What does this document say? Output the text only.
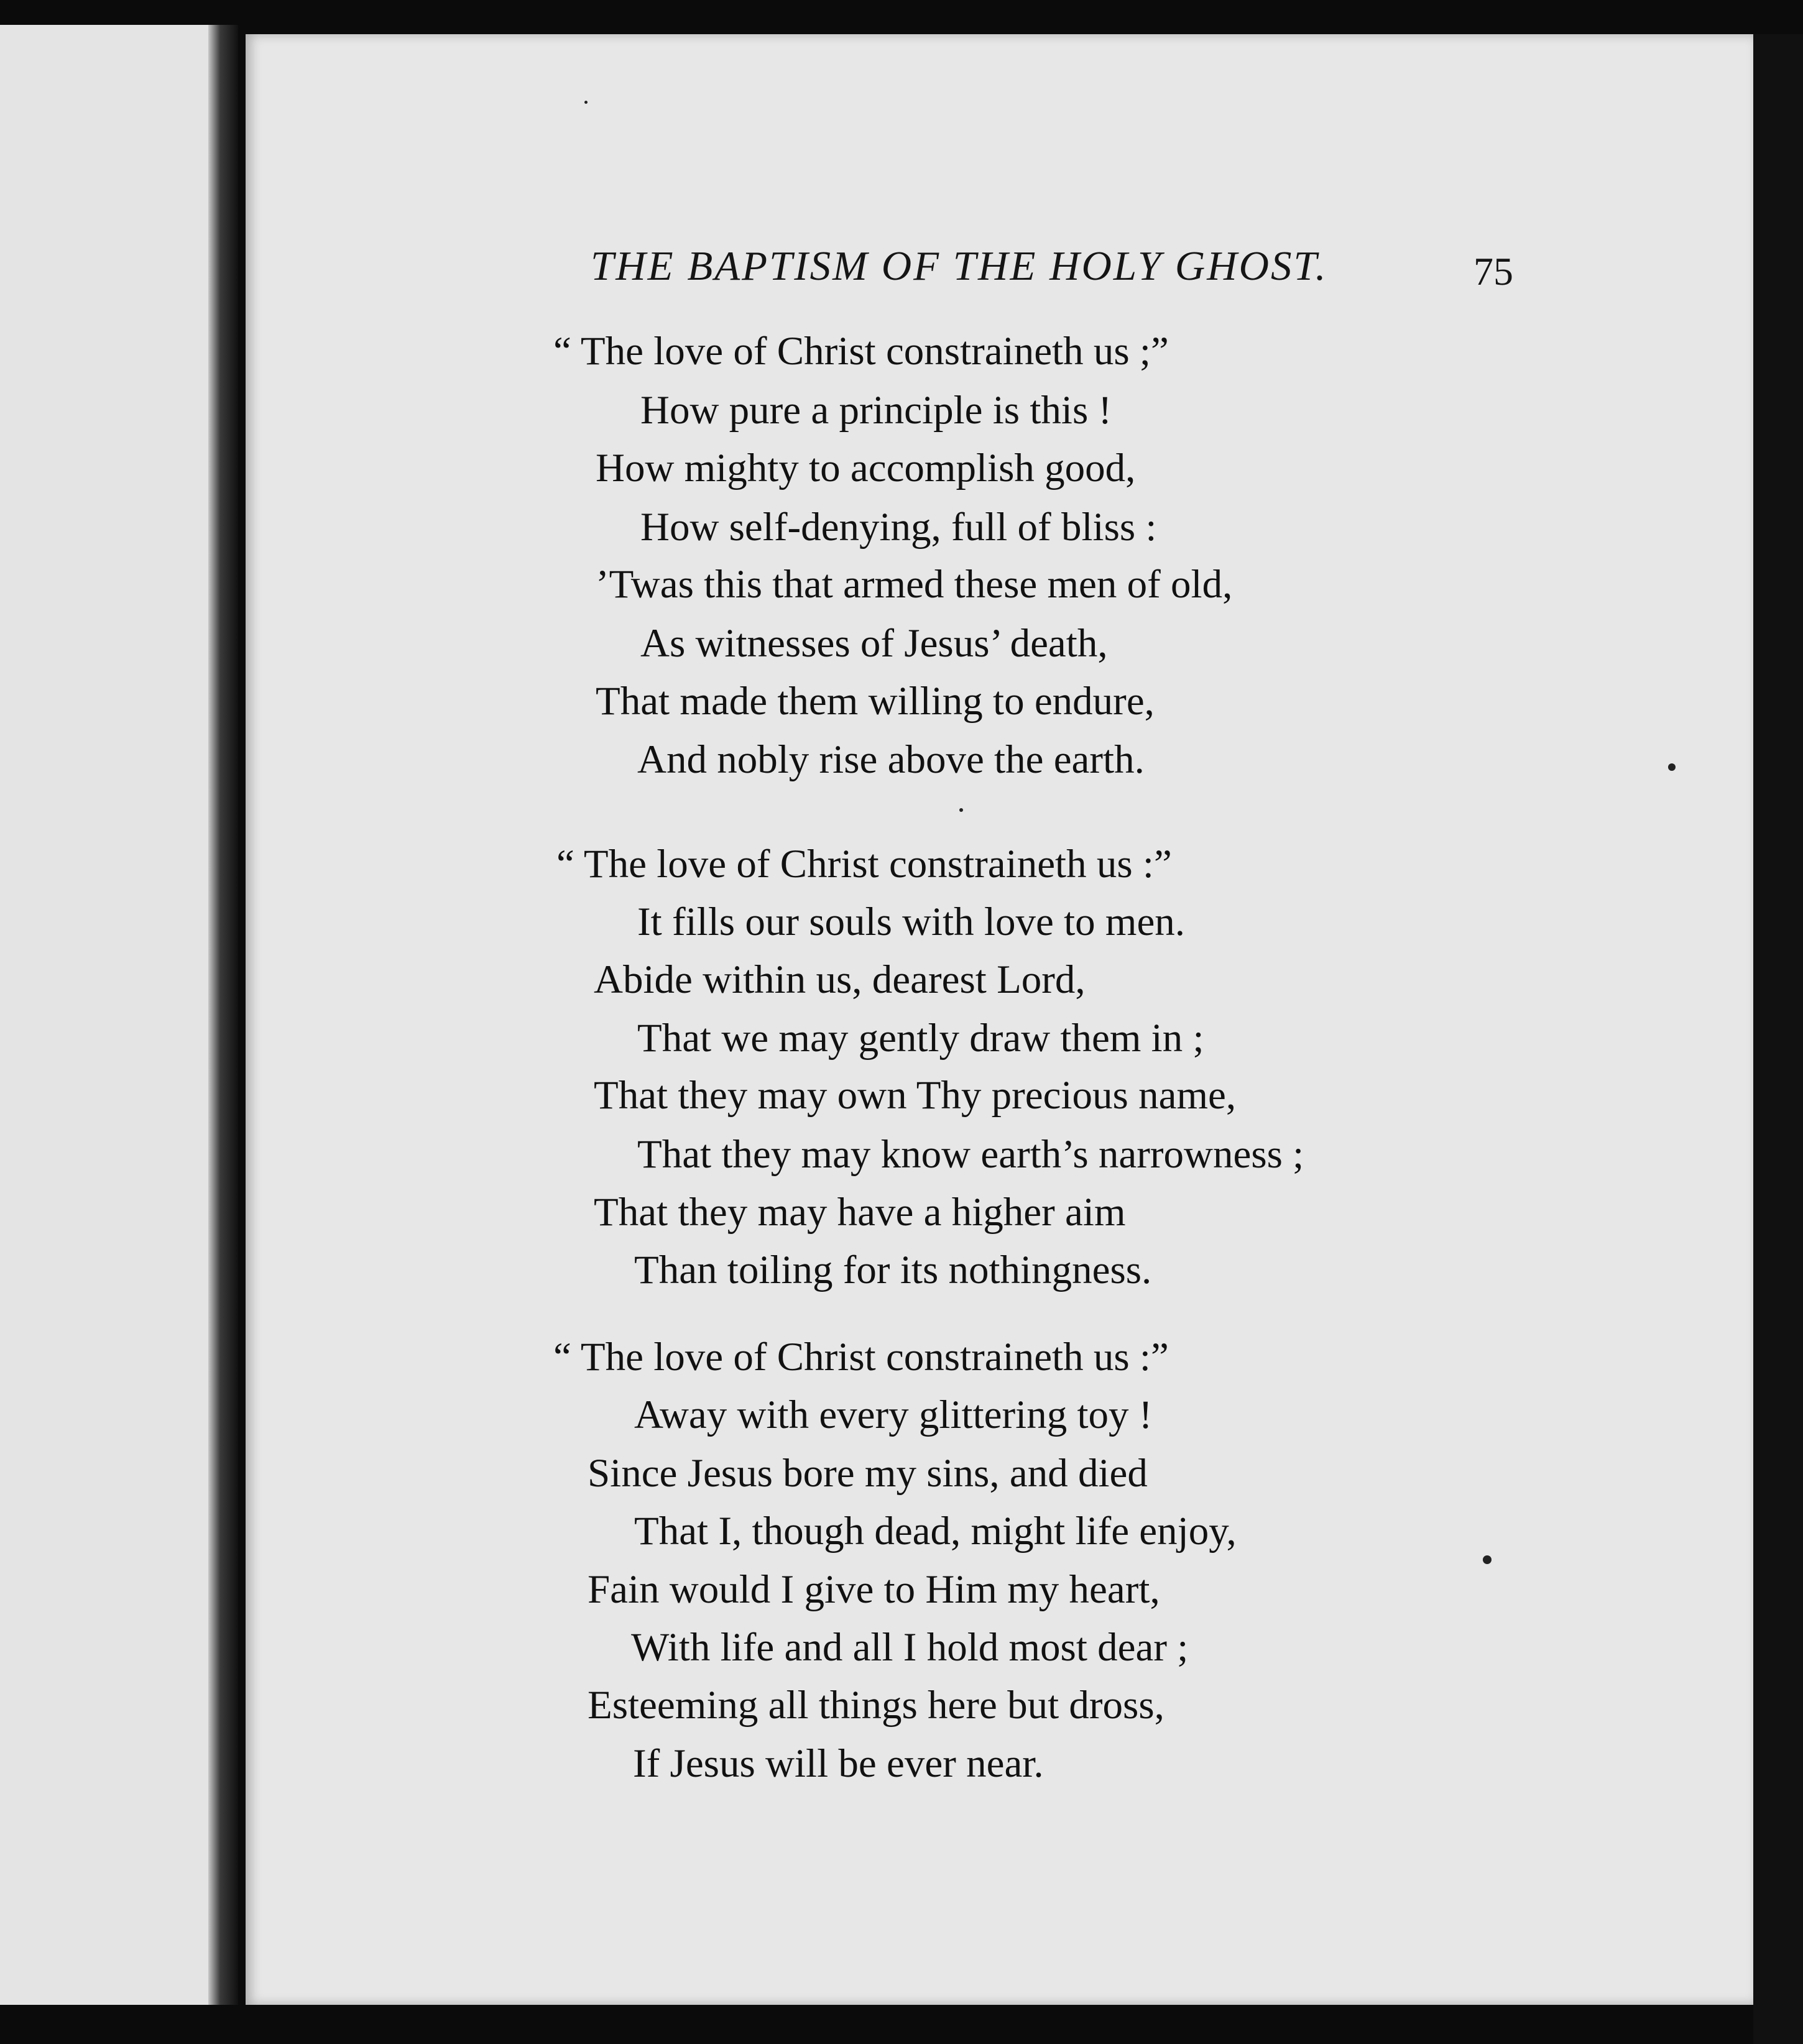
THE BAPTISM OF THE HOLY GHOST.	75
“ The love of Christ constraineth us ;”
How pure a principle is this !
How mighty to accomplish good,
How self-denying, full of bliss :
’Twas this that armed these men of old,
As witnesses of Jesus’ death,
That made them willing to endure,
And nobly rise above the earth.
“ The love of Christ constraineth us :”
It fills our souls with love to men.
Abide within us, dearest Lord,
That we may gently draw them in ;
That they may own Thy precious name,
That they may know earth’s narrowness ;
That they may have a higher aim
Than toiling for its nothingness.
“ The love of Christ constraineth us :”
Away with every glittering toy !
Since Jesus bore my sins, and died
That I, though dead, might life enjoy,
Fain would I give to Him my heart,
With life and all I hold most dear ;
Esteeming all things here but dross,
If Jesus will be ever near.
